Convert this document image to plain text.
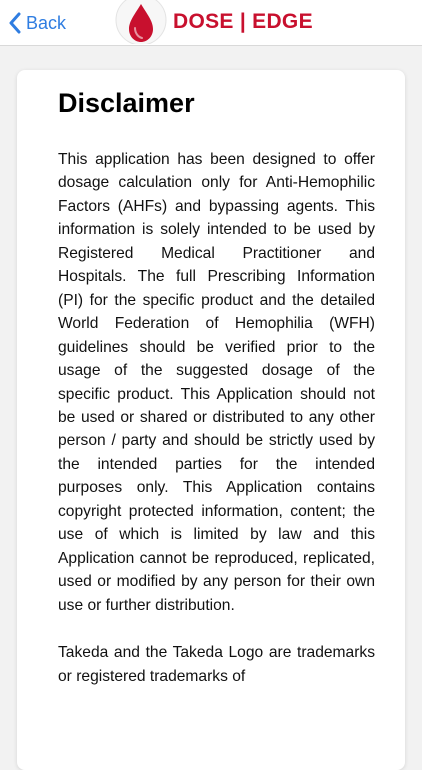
Back	DOSE | EDGE
Disclaimer

This application has been designed to offer dosage calculation only for Anti-Hemophilic Factors (AHFs) and bypassing agents. This information is solely intended to be used by Registered Medical Practitioner and Hospitals. The full Prescribing Information (PI) for the specific product and the detailed World Federation of Hemophilia (WFH) guidelines should be verified prior to the usage of the suggested dosage of the specific product. This Application should not be used or shared or distributed to any other person / party and should be strictly used by the intended parties for the intended purposes only. This Application contains copyright protected information, content; the use of which is limited by law and this Application cannot be reproduced, replicated, used or modified by any person for their own use or further distribution.

Takeda and the Takeda Logo are trademarks or registered trademarks of
